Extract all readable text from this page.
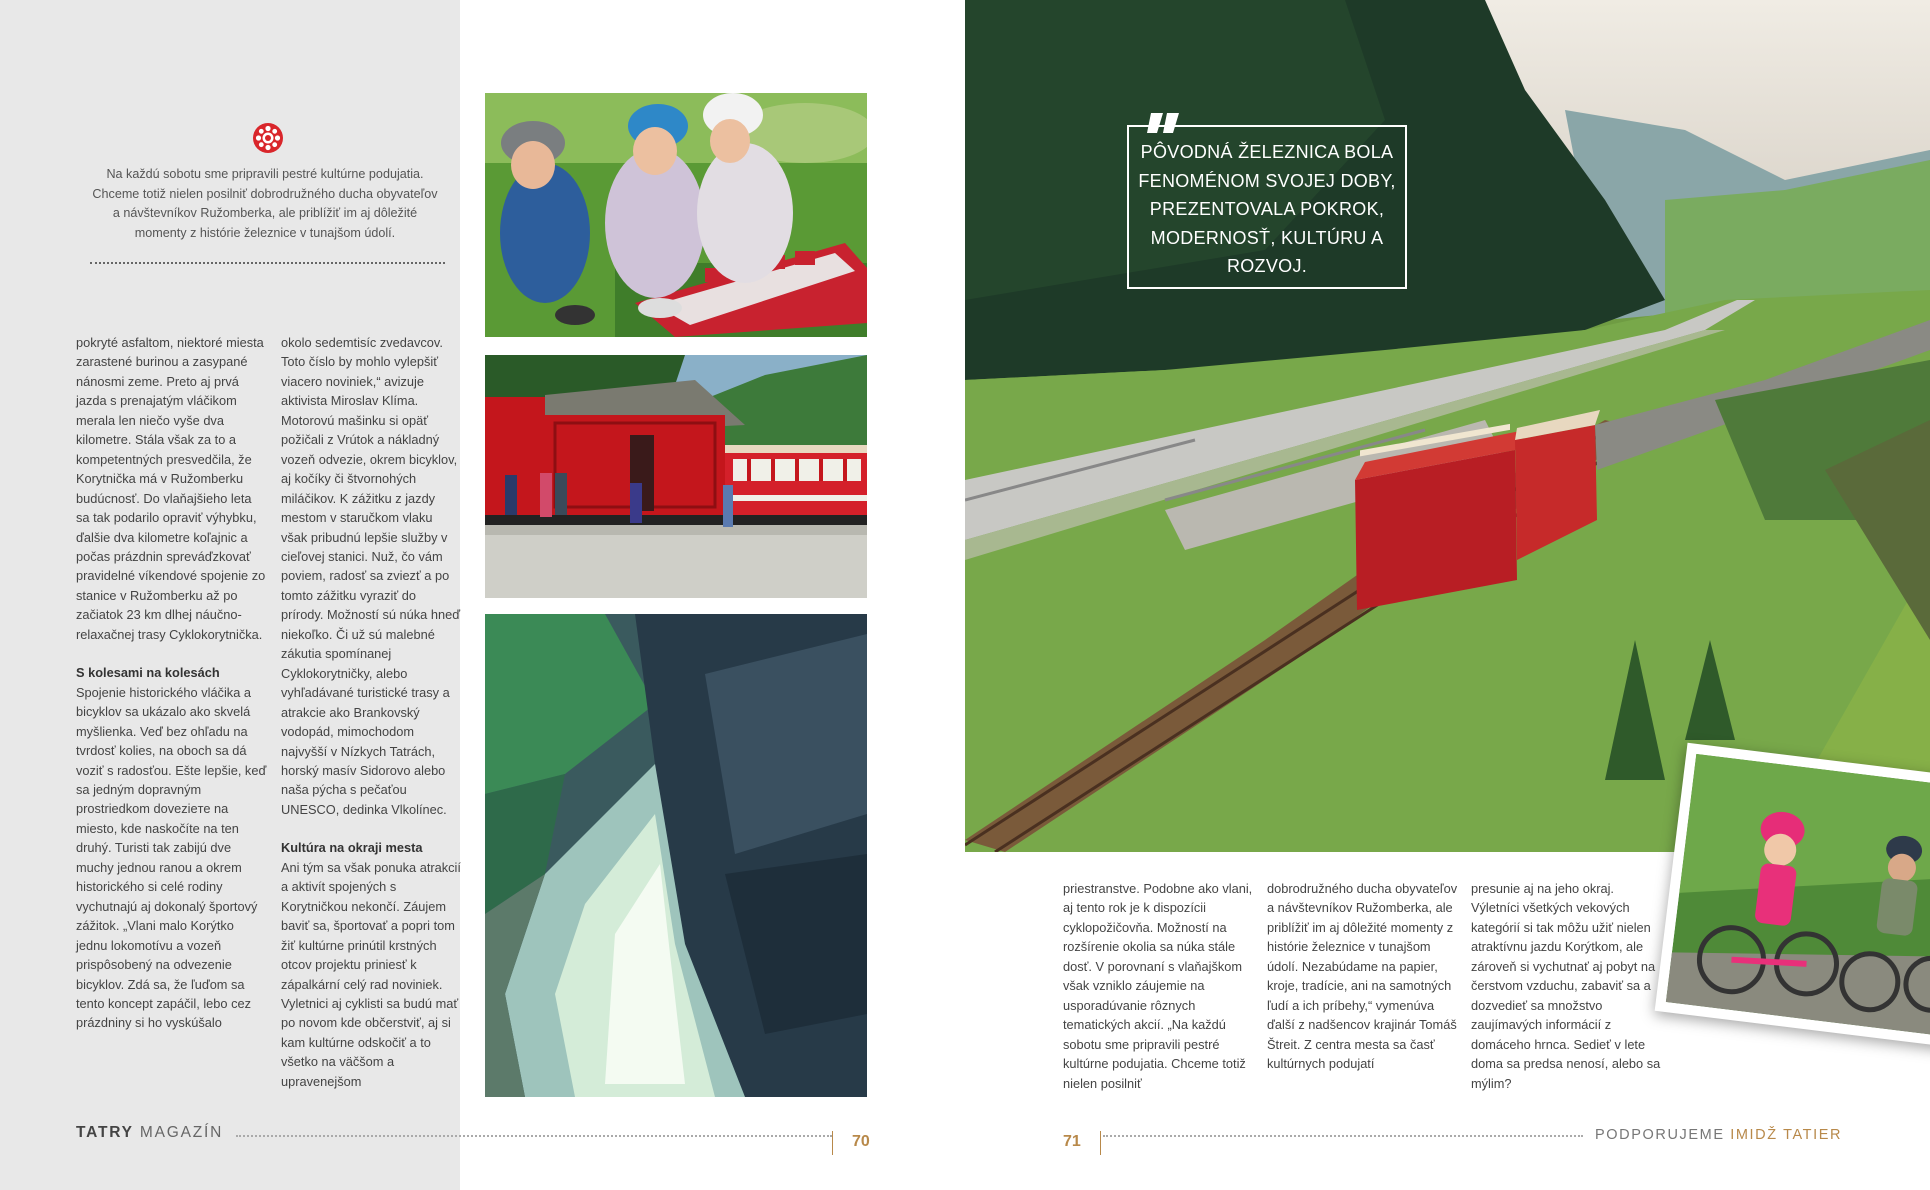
Na každú sobotu sme pripravili pestré kultúrne podujatia. Chceme totiž nielen posilniť dobrodružného ducha obyvateľov a návštevníkov Ružomberka, ale priblížiť im aj dôležité momenty z histórie železnice v tunajšom údolí.

pokryté asfaltom, niektoré miesta zarastené burinou a zasypané nánosmi zeme. Preto aj prvá jazda s prenajatým vláčikom merala len niečo vyše dva kilometre. Stála však za to a kompetentných presvedčila, že Korytnička má v Ružomberku budúcnosť. Do vlaňajšieho leta sa tak podarilo opraviť výhybku, ďalšie dva kilometre koľajnic a počas prázdnin spreváďzkovať pravidelné víkendové spojenie zo stanice v Ružomberku až po začiatok 23 km dlhej náučno-relaxačnej trasy Cyklokorytnička.

S kolesami na kolesách

Spojenie historického vláčika a bicyklov sa ukázalo ako skvelá myšlienka. Veď bez ohľadu na tvrdosť kolies, na oboch sa dá voziť s radosťou. Ešte lepšie, keď sa jedným dopravným prostriedkom dovezieте na miesto, kde naskočíte na ten druhý. Turisti tak zabijú dve muchy jednou ranou a okrem historického si celé rodiny vychutnajú aj dokonalý športový zážitok. „Vlani malo Korýtko jednu lokomotívu a vozeň prispôsobený na odvezenie bicyklov. Zdá sa, že ľuďom sa tento koncept zapáčil, lebo cez prázdniny si ho vyskúšalo

okolo sedemtisíc zvedavcov. Toto číslo by mohlo vylepšiť viacero noviniek,“ avizuje aktivista Miroslav Klíma. Motorovú mašinku si opäť požičali z Vrútok a nákladný vozeň odvezie, okrem bicyklov, aj kočíky či štvornohých miláčikov. K zážitku z jazdy mestom v staručkom vlaku však pribudnú lepšie služby v cieľovej stanici. Nuž, čo vám poviem, radosť sa zviezť a po tomto zážitku vyraziť do prírody. Možností sú núka hneď niekoľko. Či už sú malebné zákutia spomínanej Cyklokorytničky, alebo vyhľadávané turistické trasy a atrakcie ako Brankovský vodopád, mimochodom najvyšší v Nízkych Tatrách, horský masív Sidorovo alebo naša pýcha s pečaťou UNESCO, dedinka Vlkolínec.

Kultúra na okraji mesta

Ani tým sa však ponuka atrakcií a aktivít spojených s Korytničkou nekončí. Záujem baviť sa, športovať a popri tom žiť kultúrne prinútil krstných otcov projektu priniesť k zápalkární celý rad noviniek. Vyletnici aj cyklisti sa budú mať po novom kde občerstviť, aj si kam kultúrne odskočiť a to všetko na väčšom a upravenejšom

TATRY MAGAZÍN
70
PÔVODNÁ ŽELEZNICA BOLA FENOMÉNOM SVOJEJ DOBY, PREZENTOVALA POKROK, MODERNOSŤ, KULTÚRU A ROZVOJ.

priestranstve. Podobne ako vlani, aj tento rok je k dispozícii cyklopožičovňa. Možností na rozšírenie okolia sa núka stále dosť. V porovnaní s vlaňajškom však vzniklo záujemie na usporadúvanie rôznych tematických akcií. „Na každú sobotu sme pripravili pestré kultúrne podujatia. Chceme totiž nielen posilniť

dobrodružného ducha obyvateľov a návštevníkov Ružomberka, ale priblížiť im aj dôležité momenty z histórie železnice v tunajšom údolí. Nezabúdame na papier, kroje, tradície, ani na samotných ľudí a ich príbehy,“ vymenúva ďalší z nadšencov krajinár Tomáš Štreit. Z centra mesta sa časť kultúrnych podujatí

presunie aj na jeho okraj. Výletníci všetkých vekových kategórií si tak môžu užiť nielen atraktívnu jazdu Korýtkom, ale zároveň si vychutnať aj pobyt na čerstvom vzduchu, zabaviť sa a dozvedieť sa množstvo zaujímavých informácií z domáceho hrnca. Sedieť v lete doma sa predsa nenosí, alebo sa mýlim?

71	PODPORUJEME IMIDŽ TATIER
